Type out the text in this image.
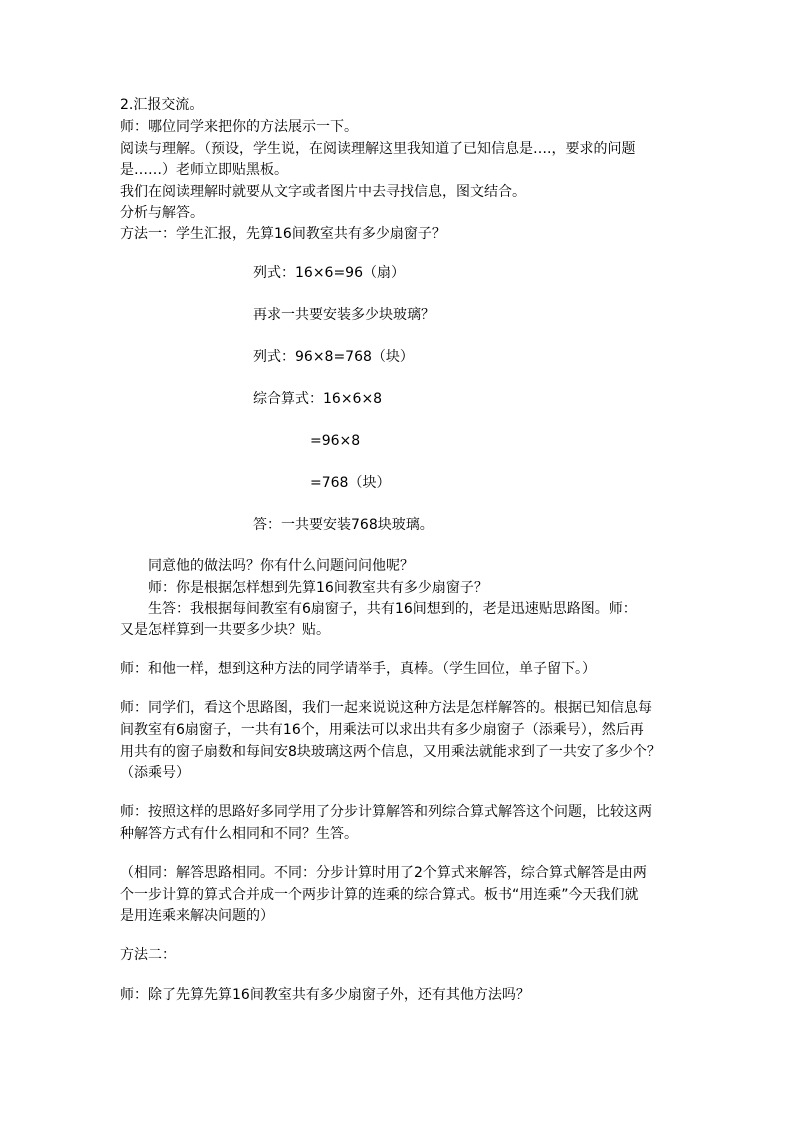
2.汇报交流。
师：哪位同学来把你的方法展示一下。
阅读与理解。（预设，学生说，在阅读理解这里我知道了已知信息是….，要求的问题
是……）老师立即贴黑板。
我们在阅读理解时就要从文字或者图片中去寻找信息，图文结合。
分析与解答。
方法一：学生汇报，先算16间教室共有多少扇窗子？
列式：16×6=96（扇）
再求一共要安装多少块玻璃？
列式：96×8=768（块）
综合算式：16×6×8
=96×8
=768（块）
答：一共要安装768块玻璃。
同意他的做法吗？你有什么问题问问他呢？
师：你是根据怎样想到先算16间教室共有多少扇窗子？
生答：我根据每间教室有6扇窗子，共有16间想到的，老是迅速贴思路图。师：
又是怎样算到一共要多少块？贴。
师：和他一样，想到这种方法的同学请举手，真棒。（学生回位，单子留下。）
师：同学们，看这个思路图，我们一起来说说这种方法是怎样解答的。根据已知信息每
间教室有6扇窗子，一共有16个，用乘法可以求出共有多少扇窗子（添乘号），然后再
用共有的窗子扇数和每间安8块玻璃这两个信息，又用乘法就能求到了一共安了多少个？
（添乘号）
师：按照这样的思路好多同学用了分步计算解答和列综合算式解答这个问题，比较这两
种解答方式有什么相同和不同？生答。
（相同：解答思路相同。不同：分步计算时用了2个算式来解答，综合算式解答是由两
个一步计算的算式合并成一个两步计算的连乘的综合算式。板书“用连乘”今天我们就
是用连乘来解决问题的）
方法二：
师：除了先算先算16间教室共有多少扇窗子外，还有其他方法吗？
